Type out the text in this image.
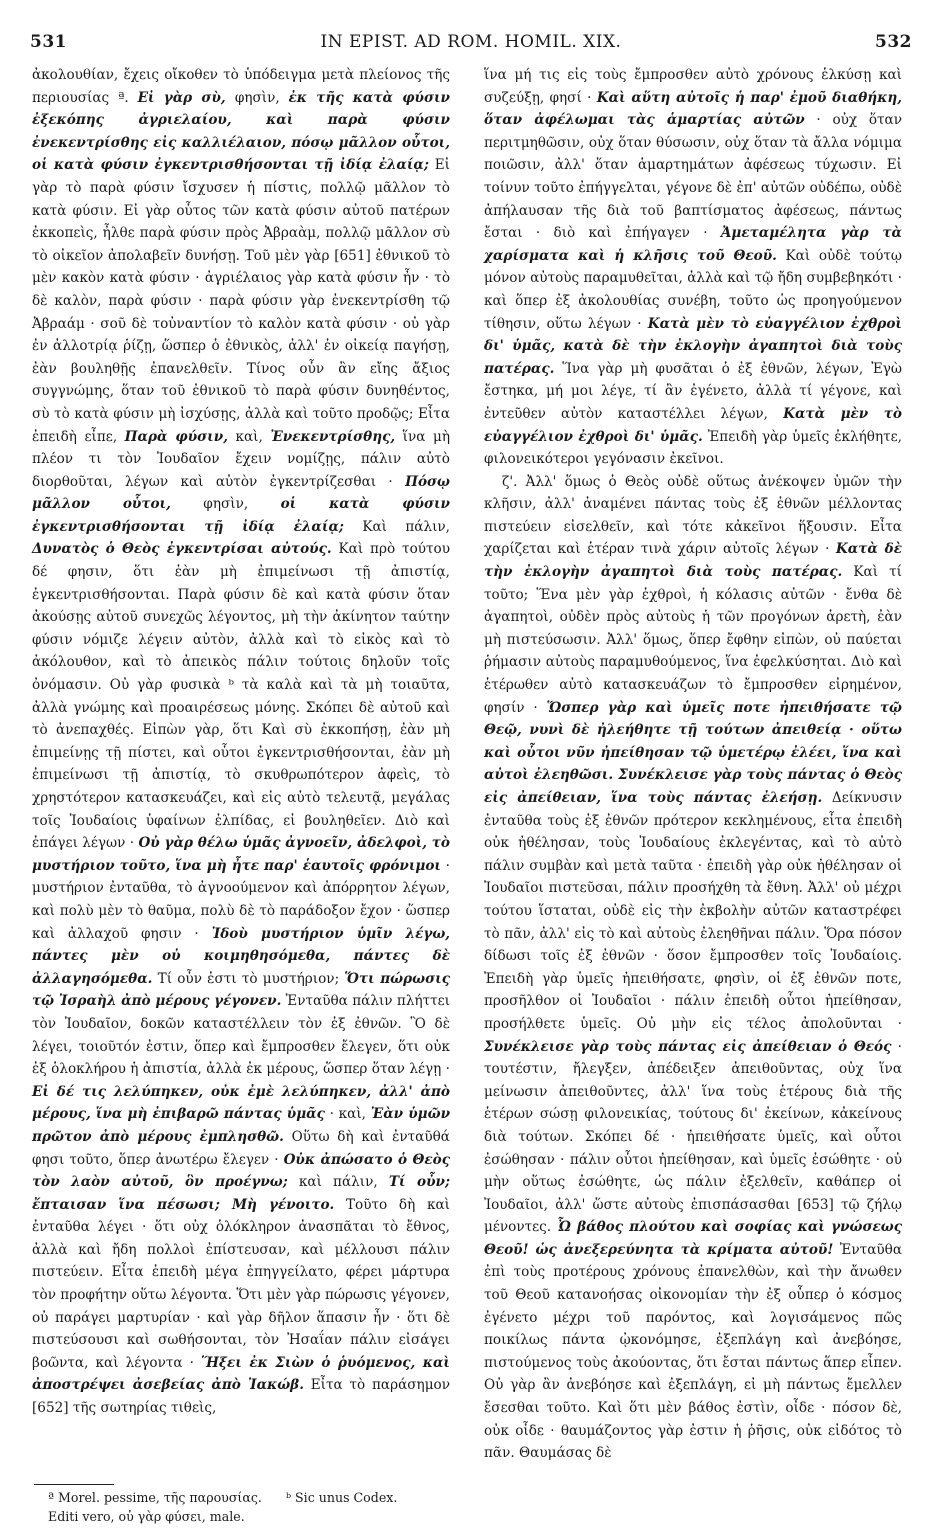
531	IN EPIST. AD ROM. HOMIL. XIX.	532

ἀκολουθίαν, ἔχεις οἴκοθεν τὸ ὑπόδειγμα μετὰ πλείονος τῆς περιουσίας ª. Εἰ γὰρ σὺ, φησὶν, ἐκ τῆς κατὰ φύσιν ἐξεκόπης ἀγριελαίου, καὶ παρὰ φύσιν ἐνεκεντρίσθης εἰς καλλιέλαιον, πόσῳ μᾶλλον οὗτοι, οἱ κατὰ φύσιν ἐγκεντρισθήσονται τῇ ἰδίᾳ ἐλαίᾳ; Εἰ γὰρ τὸ παρὰ φύσιν ἴσχυσεν ἡ πίστις, πολλῷ μᾶλλον τὸ κατὰ φύσιν. Εἰ γὰρ οὗτος τῶν κατὰ φύσιν αὐτοῦ πατέρων ἐκκοπεὶς, ἦλθε παρὰ φύσιν πρὸς Ἀβραὰμ, πολλῷ μᾶλλον σὺ τὸ οἰκεῖον ἀπολαβεῖν δυνήσῃ. Τοῦ μὲν γὰρ [651] ἐθνικοῦ τὸ μὲν κακὸν κατὰ φύσιν · ἀγριέλαιος γὰρ κατὰ φύσιν ἦν · τὸ δὲ καλὸν, παρὰ φύσιν · παρὰ φύσιν γὰρ ἐνεκεντρίσθη τῷ Ἀβραάμ · σοῦ δὲ τοὐναντίον τὸ καλὸν κατὰ φύσιν · οὐ γὰρ ἐν ἀλλοτρίᾳ ῥίζῃ, ὥσπερ ὁ ἐθνικὸς, ἀλλ' ἐν οἰκείᾳ παγήσῃ, ἐὰν βουληθῇς ἐπανελθεῖν. Τίνος οὖν ἂν εἴης ἄξιος συγγνώμης, ὅταν τοῦ ἐθνικοῦ τὸ παρὰ φύσιν δυνηθέντος, σὺ τὸ κατὰ φύσιν μὴ ἰσχύσῃς, ἀλλὰ καὶ τοῦτο προδῷς; Εἶτα ἐπειδὴ εἶπε, Παρὰ φύσιν, καὶ, Ἐνεκεντρίσθης, ἵνα μὴ πλέον τι τὸν Ἰουδαῖον ἔχειν νομίζῃς, πάλιν αὐτὸ διορθοῦται, λέγων καὶ αὐτὸν ἐγκεντρίζεσθαι · Πόσῳ μᾶλλον οὗτοι, φησὶν, οἱ κατὰ φύσιν ἐγκεντρισθήσονται τῇ ἰδίᾳ ἐλαίᾳ; Καὶ πάλιν, Δυνατὸς ὁ Θεὸς ἐγκεντρίσαι αὐτούς. Καὶ πρὸ τούτου δέ φησιν, ὅτι ἐὰν μὴ ἐπιμείνωσι τῇ ἀπιστίᾳ, ἐγκεντρισθήσονται. Παρὰ φύσιν δὲ καὶ κατὰ φύσιν ὅταν ἀκούσῃς αὐτοῦ συνεχῶς λέγοντος, μὴ τὴν ἀκίνητον ταύτην φύσιν νόμιζε λέγειν αὐτὸν, ἀλλὰ καὶ τὸ εἰκὸς καὶ τὸ ἀκόλουθον, καὶ τὸ ἀπεικὸς πάλιν τούτοις δηλοῦν τοῖς ὀνόμασιν. Οὐ γὰρ φυσικὰ ᵇ τὰ καλὰ καὶ τὰ μὴ τοιαῦτα, ἀλλὰ γνώμης καὶ προαιρέσεως μόνης. Σκόπει δὲ αὐτοῦ καὶ τὸ ἀνεπαχθές. Εἰπὼν γὰρ, ὅτι Καὶ σὺ ἐκκοπήσῃ, ἐὰν μὴ ἐπιμείνῃς τῇ πίστει, καὶ οὗτοι ἐγκεντρισθήσονται, ἐὰν μὴ ἐπιμείνωσι τῇ ἀπιστίᾳ, τὸ σκυθρωπότερον ἀφεὶς, τὸ χρηστότερον κατασκευάζει, καὶ εἰς αὐτὸ τελευτᾷ, μεγάλας τοῖς Ἰουδαίοις ὑφαίνων ἐλπίδας, εἰ βουληθεῖεν. Διὸ καὶ ἐπάγει λέγων · Οὐ γὰρ θέλω ὑμᾶς ἀγνοεῖν, ἀδελφοὶ, τὸ μυστήριον τοῦτο, ἵνα μὴ ἦτε παρ' ἑαυτοῖς φρόνιμοι · μυστήριον ἐνταῦθα, τὸ ἀγνοούμενον καὶ ἀπόρρητον λέγων, καὶ πολὺ μὲν τὸ θαῦμα, πολὺ δὲ τὸ παράδοξον ἔχον · ὥσπερ καὶ ἀλλαχοῦ φησιν · Ἰδοὺ μυστήριον ὑμῖν λέγω, πάντες μὲν οὐ κοιμηθησόμεθα, πάντες δὲ ἀλλαγησόμεθα. Τί οὖν ἐστι τὸ μυστήριον; Ὅτι πώρωσις τῷ Ἰσραὴλ ἀπὸ μέρους γέγονεν. Ἐνταῦθα πάλιν πλήττει τὸν Ἰουδαῖον, δοκῶν καταστέλλειν τὸν ἐξ ἐθνῶν. Ὃ δὲ λέγει, τοιοῦτόν ἐστιν, ὅπερ καὶ ἔμπροσθεν ἔλεγεν, ὅτι οὐκ ἐξ ὁλοκλήρου ἡ ἀπιστία, ἀλλὰ ἐκ μέρους, ὥσπερ ὅταν λέγῃ · Εἰ δέ τις λελύπηκεν, οὐκ ἐμὲ λελύπηκεν, ἀλλ' ἀπὸ μέρους, ἵνα μὴ ἐπιβαρῶ πάντας ὑμᾶς · καὶ, Ἐὰν ὑμῶν πρῶτον ἀπὸ μέρους ἐμπλησθῶ. Οὕτω δὴ καὶ ἐνταῦθά φησι τοῦτο, ὅπερ ἀνωτέρω ἔλεγεν · Οὐκ ἀπώσατο ὁ Θεὸς τὸν λαὸν αὐτοῦ, ὃν προέγνω; καὶ πάλιν, Τί οὖν; ἔπταισαν ἵνα πέσωσι; Μὴ γένοιτο. Τοῦτο δὴ καὶ ἐνταῦθα λέγει · ὅτι οὐχ ὁλόκληρον ἀνασπᾶται τὸ ἔθνος, ἀλλὰ καὶ ἤδη πολλοὶ ἐπίστευσαν, καὶ μέλλουσι πάλιν πιστεύειν. Εἶτα ἐπειδὴ μέγα ἐπηγγείλατο, φέρει μάρτυρα τὸν προφήτην οὕτω λέγοντα. Ὅτι μὲν γὰρ πώρωσις γέγονεν, οὐ παράγει μαρτυρίαν · καὶ γὰρ δῆλον ἅπασιν ἦν · ὅτι δὲ πιστεύσουσι καὶ σωθήσονται, τὸν Ἠσαΐαν πάλιν εἰσάγει βοῶντα, καὶ λέγοντα · Ἥξει ἐκ Σιὼν ὁ ῥυόμενος, καὶ ἀποστρέψει ἀσεβείας ἀπὸ Ἰακώβ. Εἶτα τὸ παράσημον [652] τῆς σωτηρίας τιθεὶς,

ἵνα μή τις εἰς τοὺς ἔμπροσθεν αὐτὸ χρόνους ἑλκύσῃ καὶ συζεύξῃ, φησί · Καὶ αὕτη αὐτοῖς ἡ παρ' ἐμοῦ διαθήκη, ὅταν ἀφέλωμαι τὰς ἁμαρτίας αὐτῶν · οὐχ ὅταν περιτμηθῶσιν, οὐχ ὅταν θύσωσιν, οὐχ ὅταν τὰ ἄλλα νόμιμα ποιῶσιν, ἀλλ' ὅταν ἁμαρτημάτων ἀφέσεως τύχωσιν. Εἰ τοίνυν τοῦτο ἐπήγγελται, γέγονε δὲ ἐπ' αὐτῶν οὐδέπω, οὐδὲ ἀπήλαυσαν τῆς διὰ τοῦ βαπτίσματος ἀφέσεως, πάντως ἔσται · διὸ καὶ ἐπήγαγεν · Ἀμεταμέλητα γὰρ τὰ χαρίσματα καὶ ἡ κλῆσις τοῦ Θεοῦ. Καὶ οὐδὲ τούτῳ μόνον αὐτοὺς παραμυθεῖται, ἀλλὰ καὶ τῷ ἤδη συμβεβηκότι · καὶ ὅπερ ἐξ ἀκολουθίας συνέβη, τοῦτο ὡς προηγούμενον τίθησιν, οὕτω λέγων · Κατὰ μὲν τὸ εὐαγγέλιον ἐχθροὶ δι' ὑμᾶς, κατὰ δὲ τὴν ἐκλογὴν ἀγαπητοὶ διὰ τοὺς πατέρας. Ἵνα γὰρ μὴ φυσᾶται ὁ ἐξ ἐθνῶν, λέγων, Ἐγὼ ἔστηκα, μή μοι λέγε, τί ἂν ἐγένετο, ἀλλὰ τί γέγονε, καὶ ἐντεῦθεν αὐτὸν καταστέλλει λέγων, Κατὰ μὲν τὸ εὐαγγέλιον ἐχθροὶ δι' ὑμᾶς. Ἐπειδὴ γὰρ ὑμεῖς ἐκλήθητε, φιλονεικότεροι γεγόνασιν ἐκεῖνοι.

ζ'. Ἀλλ' ὅμως ὁ Θεὸς οὐδὲ οὕτως ἀνέκοψεν ὑμῶν τὴν κλῆσιν, ἀλλ' ἀναμένει πάντας τοὺς ἐξ ἐθνῶν μέλλοντας πιστεύειν εἰσελθεῖν, καὶ τότε κἀκεῖνοι ἥξουσιν. Εἶτα χαρίζεται καὶ ἑτέραν τινὰ χάριν αὐτοῖς λέγων · Κατὰ δὲ τὴν ἐκλογὴν ἀγαπητοὶ διὰ τοὺς πατέρας. Καὶ τί τοῦτο; Ἕνα μὲν γὰρ ἐχθροὶ, ἡ κόλασις αὐτῶν · ἔνθα δὲ ἀγαπητοὶ, οὐδὲν πρὸς αὐτοὺς ἡ τῶν προγόνων ἀρετὴ, ἐὰν μὴ πιστεύσωσιν. Ἀλλ' ὅμως, ὅπερ ἔφθην εἰπὼν, οὐ παύεται ῥήμασιν αὐτοὺς παραμυθούμενος, ἵνα ἐφελκύσηται. Διὸ καὶ ἑτέρωθεν αὐτὸ κατασκευάζων τὸ ἔμπροσθεν εἰρημένον, φησίν · Ὥσπερ γὰρ καὶ ὑμεῖς ποτε ἠπειθήσατε τῷ Θεῷ, νυνὶ δὲ ἠλεήθητε τῇ τούτων ἀπειθείᾳ · οὕτω καὶ οὗτοι νῦν ἠπείθησαν τῷ ὑμετέρῳ ἐλέει, ἵνα καὶ αὐτοὶ ἐλεηθῶσι. Συνέκλεισε γὰρ τοὺς πάντας ὁ Θεὸς εἰς ἀπείθειαν, ἵνα τοὺς πάντας ἐλεήσῃ. Δείκνυσιν ἐνταῦθα τοὺς ἐξ ἐθνῶν πρότερον κεκλημένους, εἶτα ἐπειδὴ οὐκ ἠθέλησαν, τοὺς Ἰουδαίους ἐκλεγέντας, καὶ τὸ αὐτὸ πάλιν συμβὰν καὶ μετὰ ταῦτα · ἐπειδὴ γὰρ οὐκ ἠθέλησαν οἱ Ἰουδαῖοι πιστεῦσαι, πάλιν προσήχθη τὰ ἔθνη. Ἀλλ' οὐ μέχρι τούτου ἵσταται, οὐδὲ εἰς τὴν ἐκβολὴν αὐτῶν καταστρέφει τὸ πᾶν, ἀλλ' εἰς τὸ καὶ αὐτοὺς ἐλεηθῆναι πάλιν. Ὅρα πόσον δίδωσι τοῖς ἐξ ἐθνῶν · ὅσον ἔμπροσθεν τοῖς Ἰουδαίοις. Ἐπειδὴ γὰρ ὑμεῖς ἠπειθήσατε, φησὶν, οἱ ἐξ ἐθνῶν ποτε, προσῆλθον οἱ Ἰουδαῖοι · πάλιν ἐπειδὴ οὗτοι ἠπείθησαν, προσήλθετε ὑμεῖς. Οὐ μὴν εἰς τέλος ἀπολοῦνται · Συνέκλεισε γὰρ τοὺς πάντας εἰς ἀπείθειαν ὁ Θεός · τουτέστιν, ἤλεγξεν, ἀπέδειξεν ἀπειθοῦντας, οὐχ ἵνα μείνωσιν ἀπειθοῦντες, ἀλλ' ἵνα τοὺς ἑτέρους διὰ τῆς ἑτέρων σώσῃ φιλονεικίας, τούτους δι' ἐκείνων, κἀκείνους διὰ τούτων. Σκόπει δέ · ἠπειθήσατε ὑμεῖς, καὶ οὗτοι ἐσώθησαν · πάλιν οὗτοι ἠπείθησαν, καὶ ὑμεῖς ἐσώθητε · οὐ μὴν οὕτως ἐσώθητε, ὡς πάλιν ἐξελθεῖν, καθάπερ οἱ Ἰουδαῖοι, ἀλλ' ὥστε αὐτοὺς ἐπισπάσασθαι [653] τῷ ζήλῳ μένοντες. Ὦ βάθος πλούτου καὶ σοφίας καὶ γνώσεως Θεοῦ! ὡς ἀνεξερεύνητα τὰ κρίματα αὐτοῦ! Ἐνταῦθα ἐπὶ τοὺς προτέρους χρόνους ἐπανελθὼν, καὶ τὴν ἄνωθεν τοῦ Θεοῦ κατανοήσας οἰκονομίαν τὴν ἐξ οὗπερ ὁ κόσμος ἐγένετο μέχρι τοῦ παρόντος, καὶ λογισάμενος πῶς ποικίλως πάντα ᾠκονόμησε, ἐξεπλάγη καὶ ἀνεβόησε, πιστούμενος τοὺς ἀκούοντας, ὅτι ἔσται πάντως ἅπερ εἶπεν. Οὐ γὰρ ἂν ἀνεβόησε καὶ ἐξεπλάγη, εἰ μὴ πάντως ἔμελλεν ἔσεσθαι τοῦτο. Καὶ ὅτι μὲν βάθος ἐστὶν, οἶδε · πόσον δὲ, οὐκ οἶδε · θαυμάζοντος γὰρ ἐστιν ἡ ῥῆσις, οὐκ εἰδότος τὸ πᾶν. Θαυμάσας δὲ

ª Morel. pessime, τῆς παρουσίας.	ᵇ Sic unus Codex.
Editi vero, οὐ γὰρ φύσει, male.
